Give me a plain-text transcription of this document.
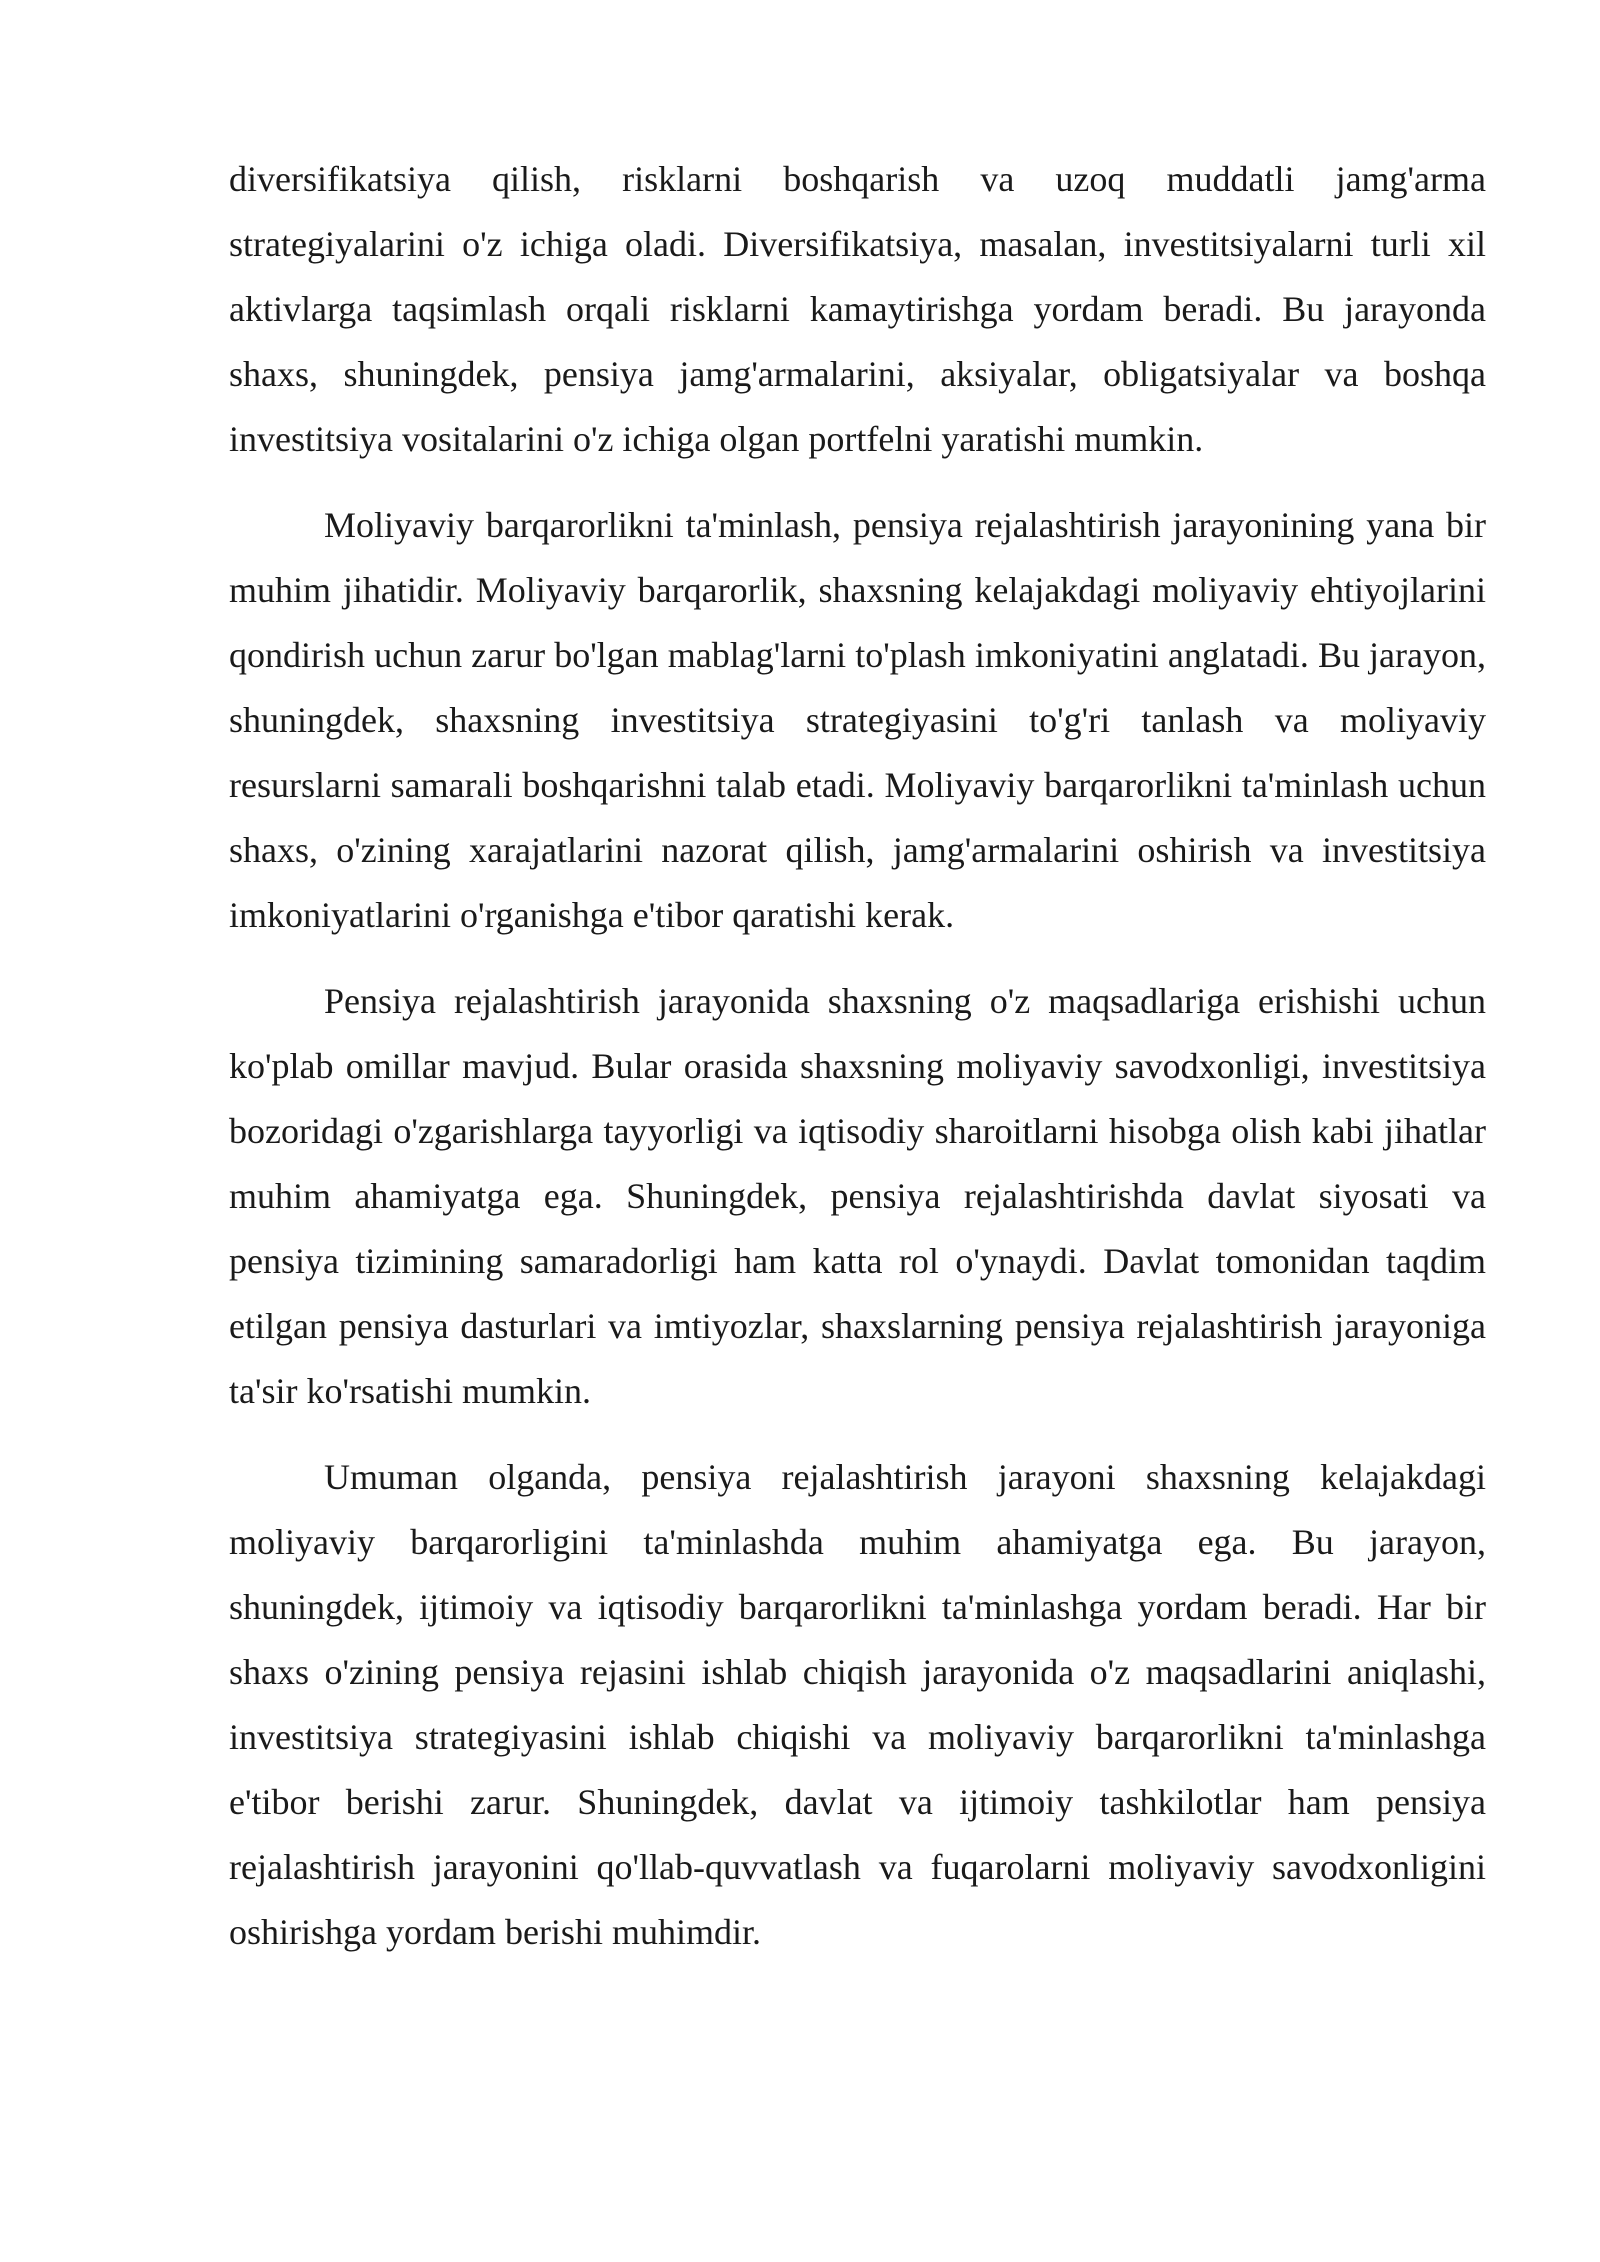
diversifikatsiya qilish, risklarni boshqarish va uzoq muddatli jamg'arma strategiyalarini o'z ichiga oladi. Diversifikatsiya, masalan, investitsiyalarni turli xil aktivlarga taqsimlash orqali risklarni kamaytirishga yordam beradi. Bu jarayonda shaxs, shuningdek, pensiya jamg'armalarini, aksiyalar, obligatsiyalar va boshqa investitsiya vositalarini o'z ichiga olgan portfelni yaratishi mumkin.

Moliyaviy barqarorlikni ta'minlash, pensiya rejalashtirish jarayonining yana bir muhim jihatidir. Moliyaviy barqarorlik, shaxsning kelajakdagi moliyaviy ehtiyojlarini qondirish uchun zarur bo'lgan mablag'larni to'plash imkoniyatini anglatadi. Bu jarayon, shuningdek, shaxsning investitsiya strategiyasini to'g'ri tanlash va moliyaviy resurslarni samarali boshqarishni talab etadi. Moliyaviy barqarorlikni ta'minlash uchun shaxs, o'zining xarajatlarini nazorat qilish, jamg'armalarini oshirish va investitsiya imkoniyatlarini o'rganishga e'tibor qaratishi kerak.

Pensiya rejalashtirish jarayonida shaxsning o'z maqsadlariga erishishi uchun ko'plab omillar mavjud. Bular orasida shaxsning moliyaviy savodxonligi, investitsiya bozoridagi o'zgarishlarga tayyorligi va iqtisodiy sharoitlarni hisobga olish kabi jihatlar muhim ahamiyatga ega. Shuningdek, pensiya rejalashtirishda davlat siyosati va pensiya tizimining samaradorligi ham katta rol o'ynaydi. Davlat tomonidan taqdim etilgan pensiya dasturlari va imtiyozlar, shaxslarning pensiya rejalashtirish jarayoniga ta'sir ko'rsatishi mumkin.

Umuman olganda, pensiya rejalashtirish jarayoni shaxsning kelajakdagi moliyaviy barqarorligini ta'minlashda muhim ahamiyatga ega. Bu jarayon, shuningdek, ijtimoiy va iqtisodiy barqarorlikni ta'minlashga yordam beradi. Har bir shaxs o'zining pensiya rejasini ishlab chiqish jarayonida o'z maqsadlarini aniqlashi, investitsiya strategiyasini ishlab chiqishi va moliyaviy barqarorlikni ta'minlashga e'tibor berishi zarur. Shuningdek, davlat va ijtimoiy tashkilotlar ham pensiya rejalashtirish jarayonini qo'llab-quvvatlash va fuqarolarni moliyaviy savodxonligini oshirishga yordam berishi muhimdir.
